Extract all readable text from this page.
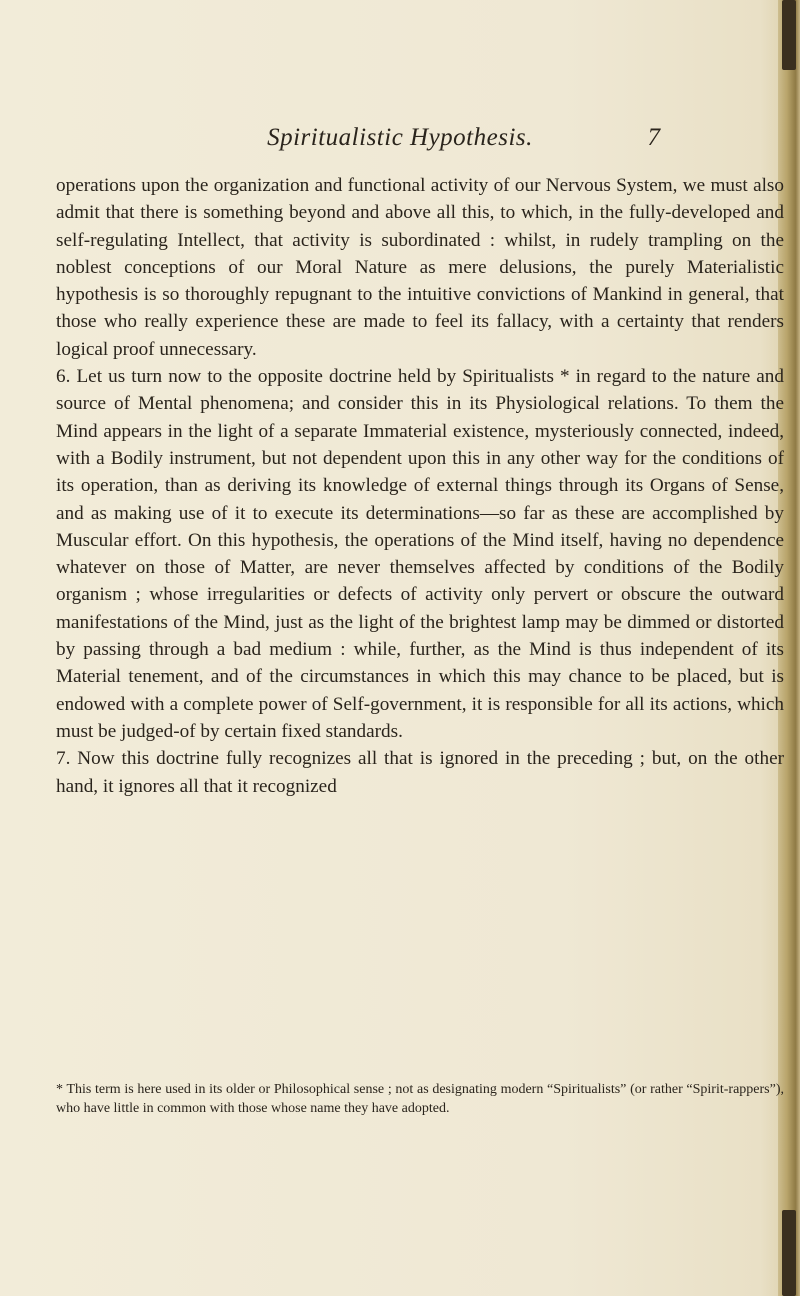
Spiritualistic Hypothesis.	7

operations upon the organization and functional activity of our Nervous System, we must also admit that there is something beyond and above all this, to which, in the fully-developed and self-regulating Intellect, that activity is subordinated : whilst, in rudely trampling on the noblest conceptions of our Moral Nature as mere delusions, the purely Materialistic hypothesis is so thoroughly repugnant to the intuitive convictions of Mankind in general, that those who really experience these are made to feel its fallacy, with a certainty that renders logical proof unnecessary.

6. Let us turn now to the opposite doctrine held by Spiritualists * in regard to the nature and source of Mental phenomena; and consider this in its Physiological relations. To them the Mind appears in the light of a separate Immaterial existence, mysteriously connected, indeed, with a Bodily instrument, but not dependent upon this in any other way for the conditions of its operation, than as deriving its knowledge of external things through its Organs of Sense, and as making use of it to execute its determinations—so far as these are accomplished by Muscular effort. On this hypothesis, the operations of the Mind itself, having no dependence whatever on those of Matter, are never themselves affected by conditions of the Bodily organism ; whose irregularities or defects of activity only pervert or obscure the outward manifestations of the Mind, just as the light of the brightest lamp may be dimmed or distorted by passing through a bad medium : while, further, as the Mind is thus independent of its Material tenement, and of the circumstances in which this may chance to be placed, but is endowed with a complete power of Self-government, it is responsible for all its actions, which must be judged-of by certain fixed standards.

7. Now this doctrine fully recognizes all that is ignored in the preceding ; but, on the other hand, it ignores all that it recognized

* This term is here used in its older or Philosophical sense ; not as designating modern “Spiritualists” (or rather “Spirit-rappers”), who have little in common with those whose name they have adopted.
